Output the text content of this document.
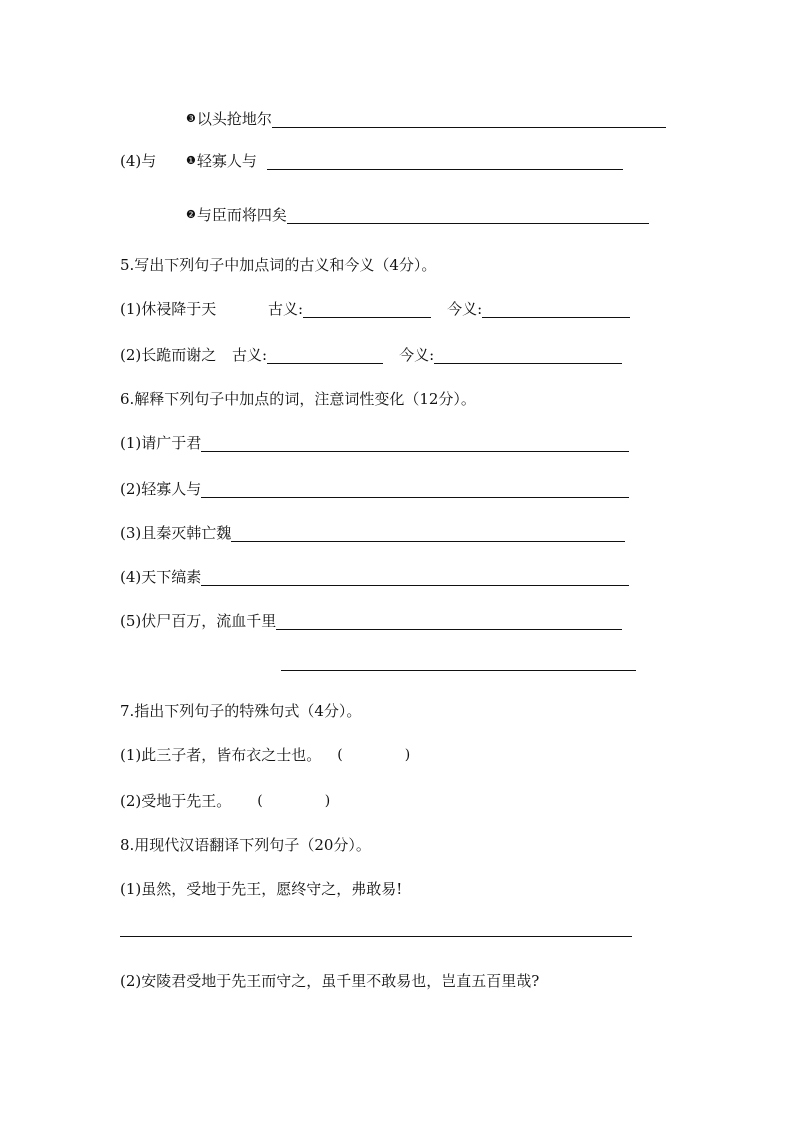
❸ 以头抢地尔
(4)与	❶ 轻寡人与
❷ 与臣而将四矣
5.写出下列句子中加点词的古义和今义（4分）。
(1)休祲降于天	古义:	今义:
(2)长跪而谢之	古义:	今义:
6.解释下列句子中加点的词，注意词性变化（12分）。
(1)请广于君
(2)轻寡人与
(3)且秦灭韩亡魏
(4)天下缟素
(5)伏尸百万，流血千里
7.指出下列句子的特殊句式（4分）。
(1)此三子者，皆布衣之士也。 (	)
(2)受地于先王。 (	)
8.用现代汉语翻译下列句子（20分）。
(1)虽然，受地于先王，愿终守之，弗敢易!
(2)安陵君受地于先王而守之，虽千里不敢易也，岂直五百里哉?
